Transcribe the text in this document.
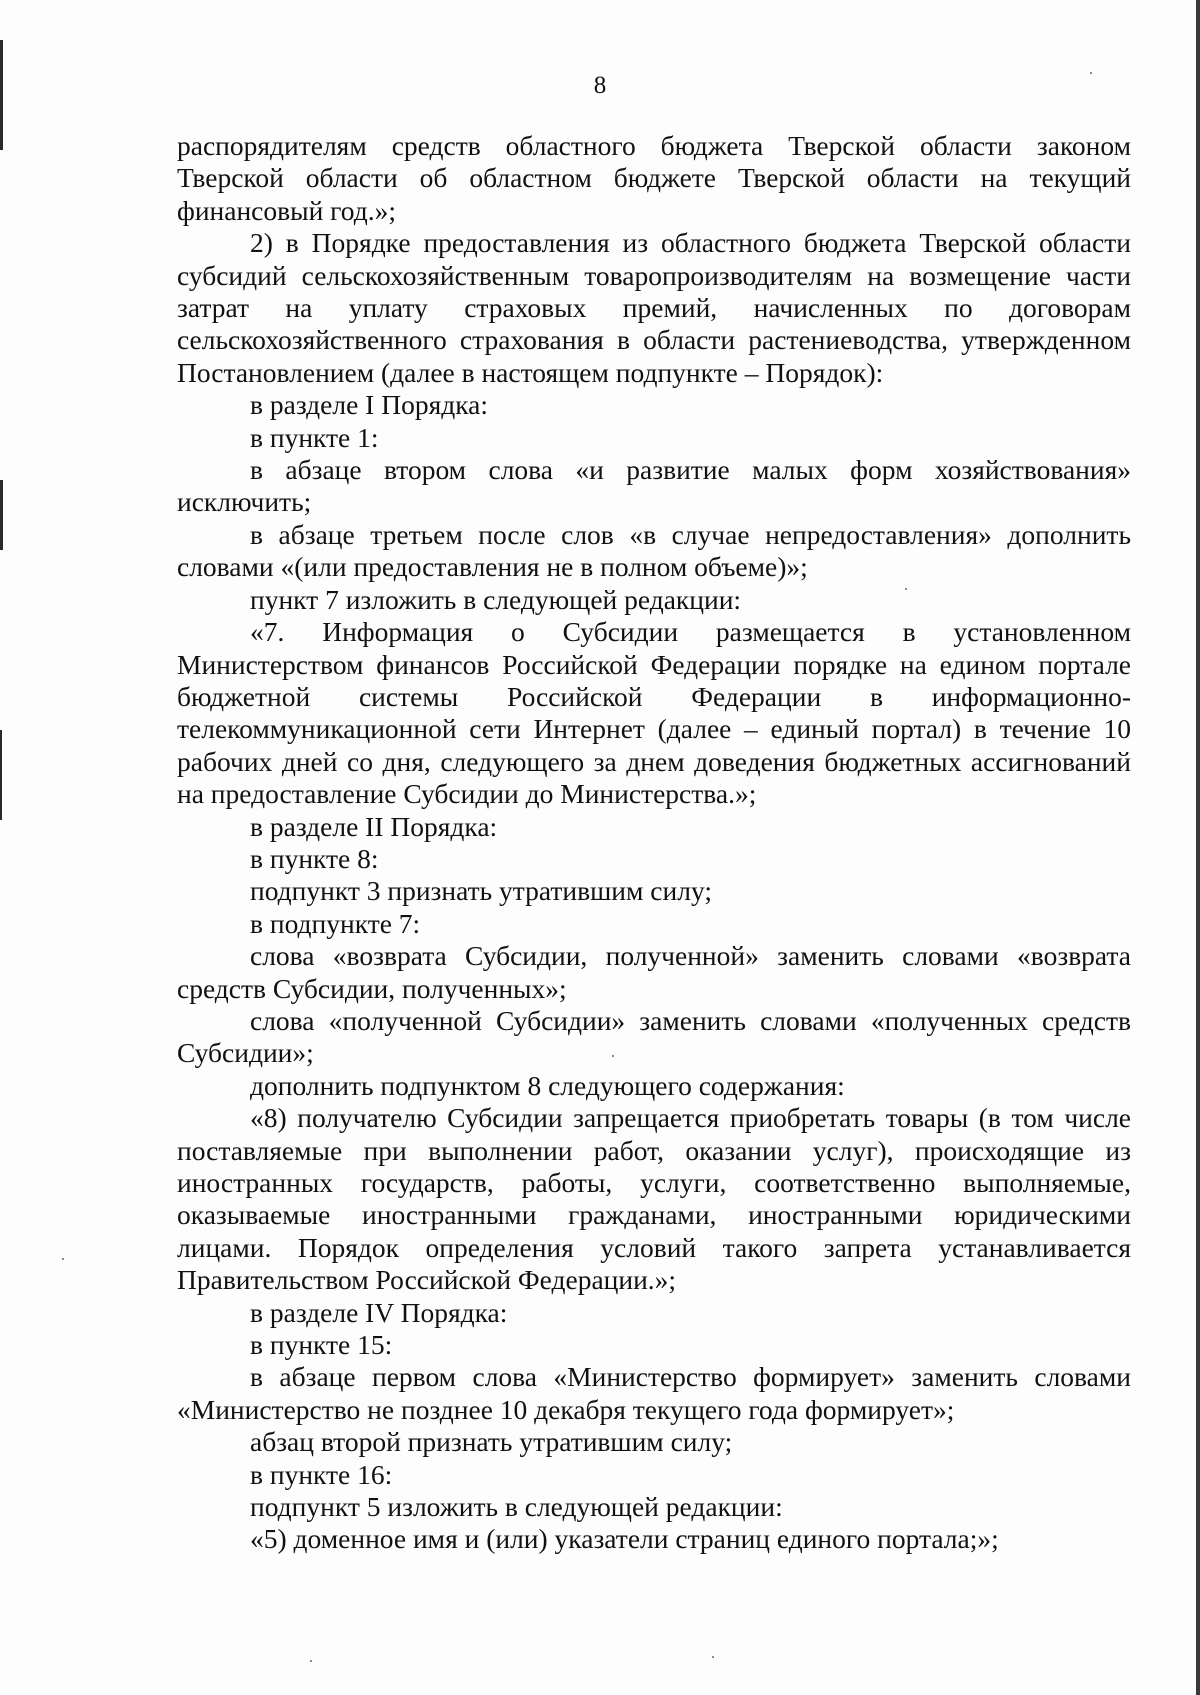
8

распорядителям средств областного бюджета Тверской области законом Тверской области об областном бюджете Тверской области на текущий финансовый год.»;

2) в Порядке предоставления из областного бюджета Тверской области субсидий сельскохозяйственным товаропроизводителям на возмещение части затрат на уплату страховых премий, начисленных по договорам сельскохозяйственного страхования в области растениеводства, утвержденном Постановлением (далее в настоящем подпункте – Порядок):

в разделе I Порядка:

в пункте 1:

в абзаце втором слова «и развитие малых форм хозяйствования» исключить;

в абзаце третьем после слов «в случае непредоставления» дополнить словами «(или предоставления не в полном объеме)»;

пункт 7 изложить в следующей редакции:

«7. Информация о Субсидии размещается в установленном Министерством финансов Российской Федерации порядке на едином портале бюджетной системы Российской Федерации в информационно-телекоммуникационной сети Интернет (далее – единый портал) в течение 10 рабочих дней со дня, следующего за днем доведения бюджетных ассигнований на предоставление Субсидии до Министерства.»;

в разделе II Порядка:

в пункте 8:

подпункт 3 признать утратившим силу;

в подпункте 7:

слова «возврата Субсидии, полученной» заменить словами «возврата средств Субсидии, полученных»;

слова «полученной Субсидии» заменить словами «полученных средств Субсидии»;

дополнить подпунктом 8 следующего содержания:

«8) получателю Субсидии запрещается приобретать товары (в том числе поставляемые при выполнении работ, оказании услуг), происходящие из иностранных государств, работы, услуги, соответственно выполняемые, оказываемые иностранными гражданами, иностранными юридическими лицами. Порядок определения условий такого запрета устанавливается Правительством Российской Федерации.»;

в разделе IV Порядка:

в пункте 15:

в абзаце первом слова «Министерство формирует» заменить словами «Министерство не позднее 10 декабря текущего года формирует»;

абзац второй признать утратившим силу;

в пункте 16:

подпункт 5 изложить в следующей редакции:

«5) доменное имя и (или) указатели страниц единого портала;»;
